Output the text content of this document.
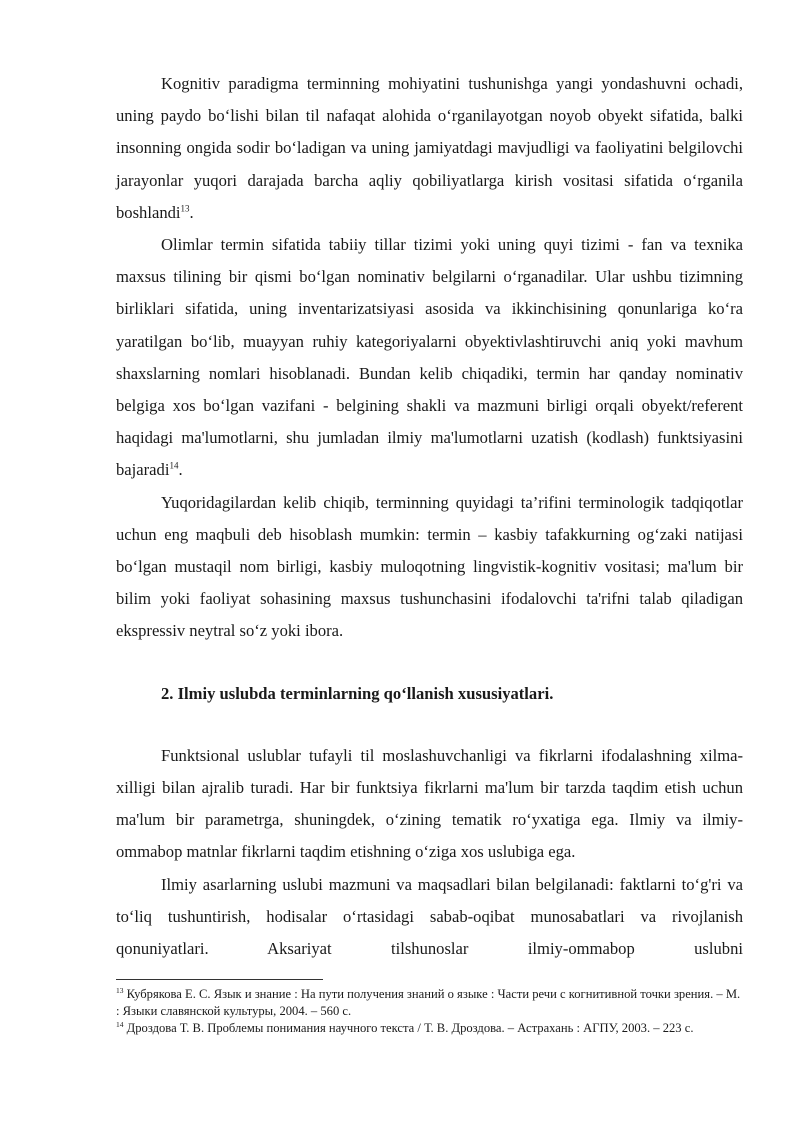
Kognitiv paradigma terminning mohiyatini tushunishga yangi yondashuvni ochadi, uning paydo boʻlishi bilan til nafaqat alohida oʻrganilayotgan noyob obyekt sifatida, balki insonning ongida sodir boʻladigan va uning jamiyatdagi mavjudligi va faoliyatini belgilovchi jarayonlar yuqori darajada barcha aqliy qobiliyatlarga kirish vositasi sifatida oʻrganila boshlandi$^{13}$.

Olimlar termin sifatida tabiiy tillar tizimi yoki uning quyi tizimi - fan va texnika maxsus tilining bir qismi boʻlgan nominativ belgilarni oʻrganadilar. Ular ushbu tizimning birliklari sifatida, uning inventarizatsiyasi asosida va ikkinchisining qonunlariga koʻra yaratilgan boʻlib, muayyan ruhiy kategoriyalarni obyektivlashtiruvchi aniq yoki mavhum shaxslarning nomlari hisoblanadi. Bundan kelib chiqadiki, termin har qanday nominativ belgiga xos boʻlgan vazifani - belgining shakli va mazmuni birligi orqali obyekt/referent haqidagi ma'lumotlarni, shu jumladan ilmiy ma'lumotlarni uzatish (kodlash) funktsiyasini bajaradi$^{14}$.

Yuqoridagilardan kelib chiqib, terminning quyidagi ta’rifini terminologik tadqiqotlar uchun eng maqbuli deb hisoblash mumkin: termin – kasbiy tafakkurning ogʻzaki natijasi boʻlgan mustaqil nom birligi, kasbiy muloqotning lingvistik-kognitiv vositasi; ma'lum bir bilim yoki faoliyat sohasining maxsus tushunchasini ifodalovchi ta'rifni talab qiladigan ekspressiv neytral soʻz yoki ibora.

2. Ilmiy uslubda terminlarning qoʻllanish xususiyatlari.

Funktsional uslublar tufayli til moslashuvchanligi va fikrlarni ifodalashning xilma-xilligi bilan ajralib turadi. Har bir funktsiya fikrlarni ma'lum bir tarzda taqdim etish uchun ma'lum bir parametrga, shuningdek, oʻzining tematik roʻyxatiga ega. Ilmiy va ilmiy-ommabop matnlar fikrlarni taqdim etishning oʻziga xos uslubiga ega.

Ilmiy asarlarning uslubi mazmuni va maqsadlari bilan belgilanadi: faktlarni toʻg'ri va toʻliq tushuntirish, hodisalar oʻrtasidagi sabab-oqibat munosabatlari va rivojlanish qonuniyatlari. Aksariyat tilshunoslar ilmiy-ommabop uslubni

$^{13}$ Кубрякова Е. С. Язык и знание : На пути получения знаний о языке : Части речи с когнитивной точки зрения. – М. : Языки славянской культуры, 2004. – 560 с.

$^{14}$ Дроздова Т. В. Проблемы понимания научного текста / Т. В. Дроздова. – Астрахань : АГПУ, 2003. – 223 с.
